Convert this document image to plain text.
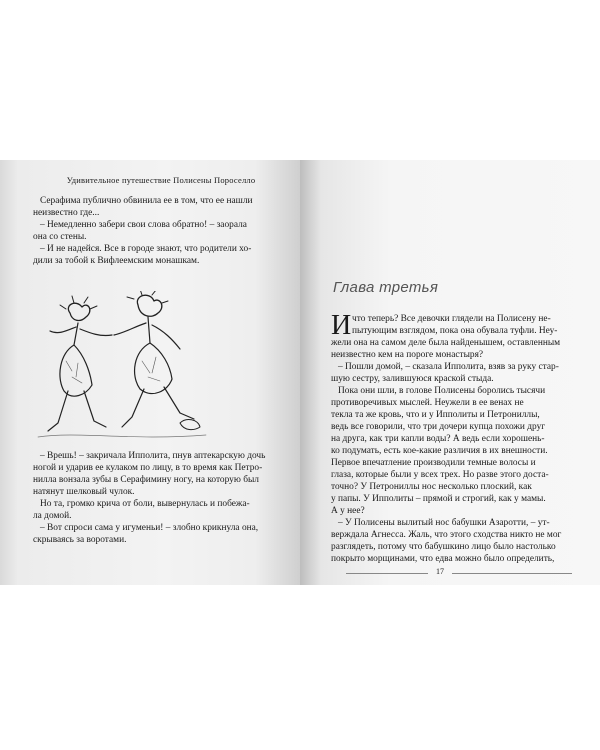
Удивительное путешествие Полисены Пороселло
Серафима публично обвинила ее в том, что ее нашли
неизвестно где...
– Немедленно забери свои слова обратно! – заорала
она со стены.
– И не надейся. Все в городе знают, что родители хо-
дили за тобой к Вифлеемским монашкам.
– Врешь! – закричала Ипполита, пнув аптекарскую дочь
ногой и ударив ее кулаком по лицу, в то время как Петро-
нилла вонзала зубы в Серафимину ногу, на которую был
натянут шелковый чулок.
Но та, громко крича от боли, вывернулась и побежа-
ла домой.
– Вот спроси сама у игуменьи! – злобно крикнула она,
скрываясь за воротами.
Глава третья
И что теперь? Все девочки глядели на Полисену не-
пытующим взглядом, пока она обувала туфли. Неу-
жели она на самом деле была найденышем, оставленным
неизвестно кем на пороге монастыря?
– Пошли домой, – сказала Ипполита, взяв за руку стар-
шую сестру, залившуюся краской стыда.
Пока они шли, в голове Полисены боролись тысячи
противоречивых мыслей. Неужели в ее венах не
текла та же кровь, что и у Ипполиты и Петрониллы,
ведь все говорили, что три дочери купца похожи друг
на друга, как три капли воды? А ведь если хорошень-
ко подумать, есть кое-какие различия в их внешности.
Первое впечатление производили темные волосы и
глаза, которые были у всех трех. Но разве этого доста-
точно? У Петрониллы нос несколько плоский, как
у папы. У Ипполиты – прямой и строгий, как у мамы.
А у нее?
– У Полисены вылитый нос бабушки Азаротти, – ут-
верждала Агнесса. Жаль, что этого сходства никто не мог
разглядеть, потому что бабушкино лицо было настолько
покрыто морщинами, что едва можно было определить,
17
